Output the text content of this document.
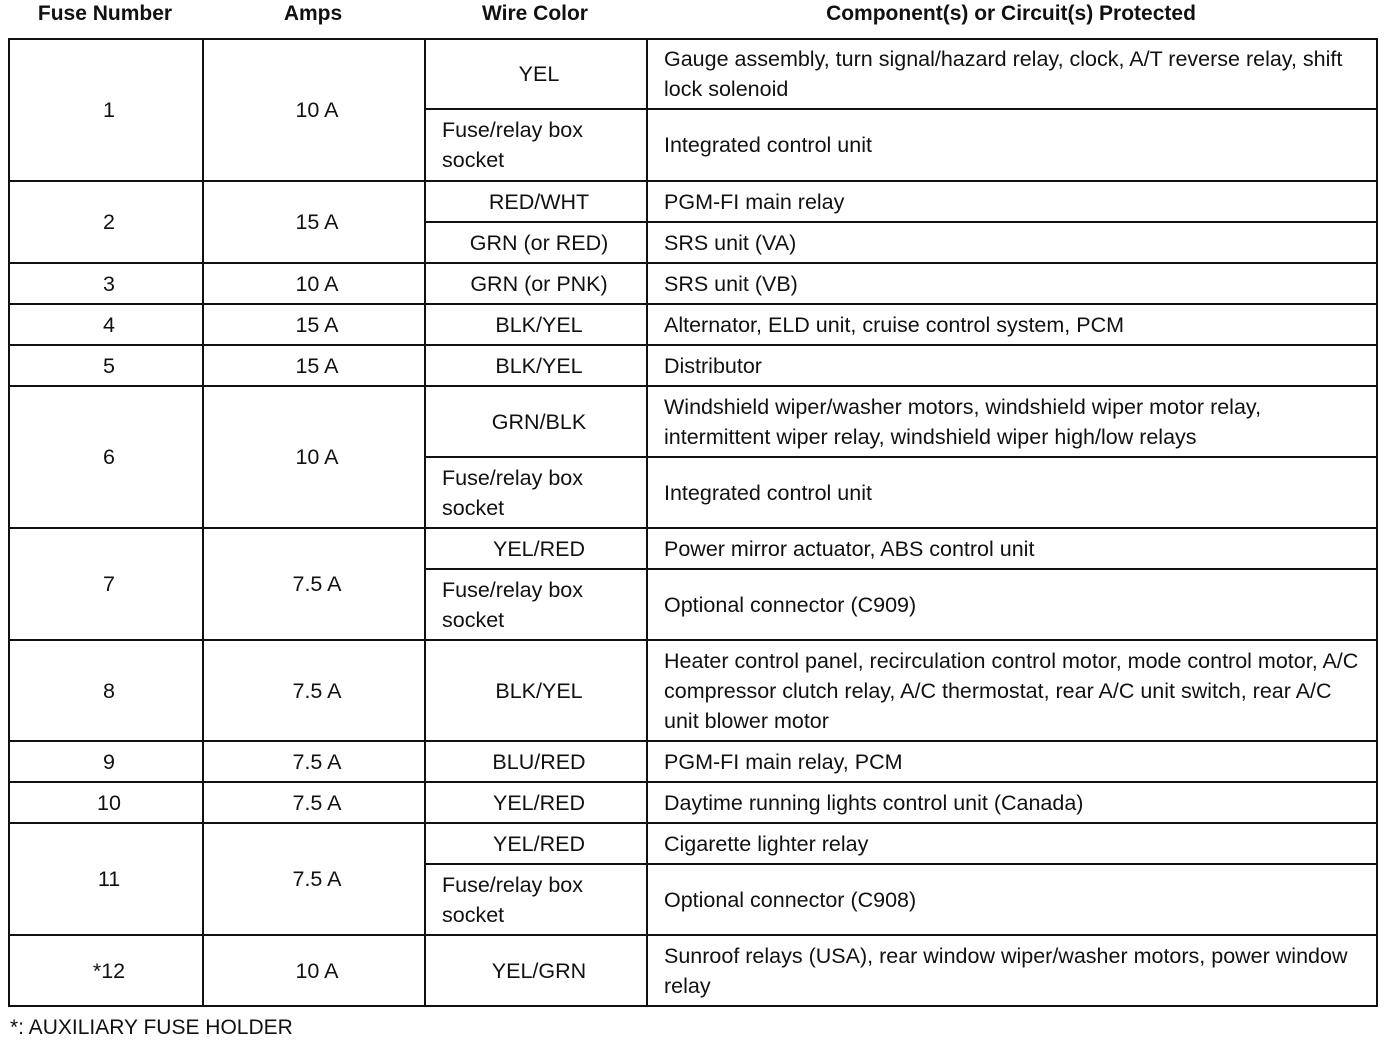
Fuse Number	Amps	Wire Color	Component(s) or Circuit(s) Protected
1	10 A	YEL	Gauge assembly, turn signal/hazard relay, clock, A/T reverse relay, shift lock solenoid
		Fuse/relay box socket	Integrated control unit
2	15 A	RED/WHT	PGM-FI main relay
		GRN (or RED)	SRS unit (VA)
3	10 A	GRN (or PNK)	SRS unit (VB)
4	15 A	BLK/YEL	Alternator, ELD unit, cruise control system, PCM
5	15 A	BLK/YEL	Distributor
6	10 A	GRN/BLK	Windshield wiper/washer motors, windshield wiper motor relay, intermittent wiper relay, windshield wiper high/low relays
		Fuse/relay box socket	Integrated control unit
7	7.5 A	YEL/RED	Power mirror actuator, ABS control unit
		Fuse/relay box socket	Optional connector (C909)
8	7.5 A	BLK/YEL	Heater control panel, recirculation control motor, mode control motor, A/C compressor clutch relay, A/C thermostat, rear A/C unit switch, rear A/C unit blower motor
9	7.5 A	BLU/RED	PGM-FI main relay, PCM
10	7.5 A	YEL/RED	Daytime running lights control unit (Canada)
11	7.5 A	YEL/RED	Cigarette lighter relay
		Fuse/relay box socket	Optional connector (C908)
*12	10 A	YEL/GRN	Sunroof relays (USA), rear window wiper/washer motors, power window relay
*: AUXILIARY FUSE HOLDER
